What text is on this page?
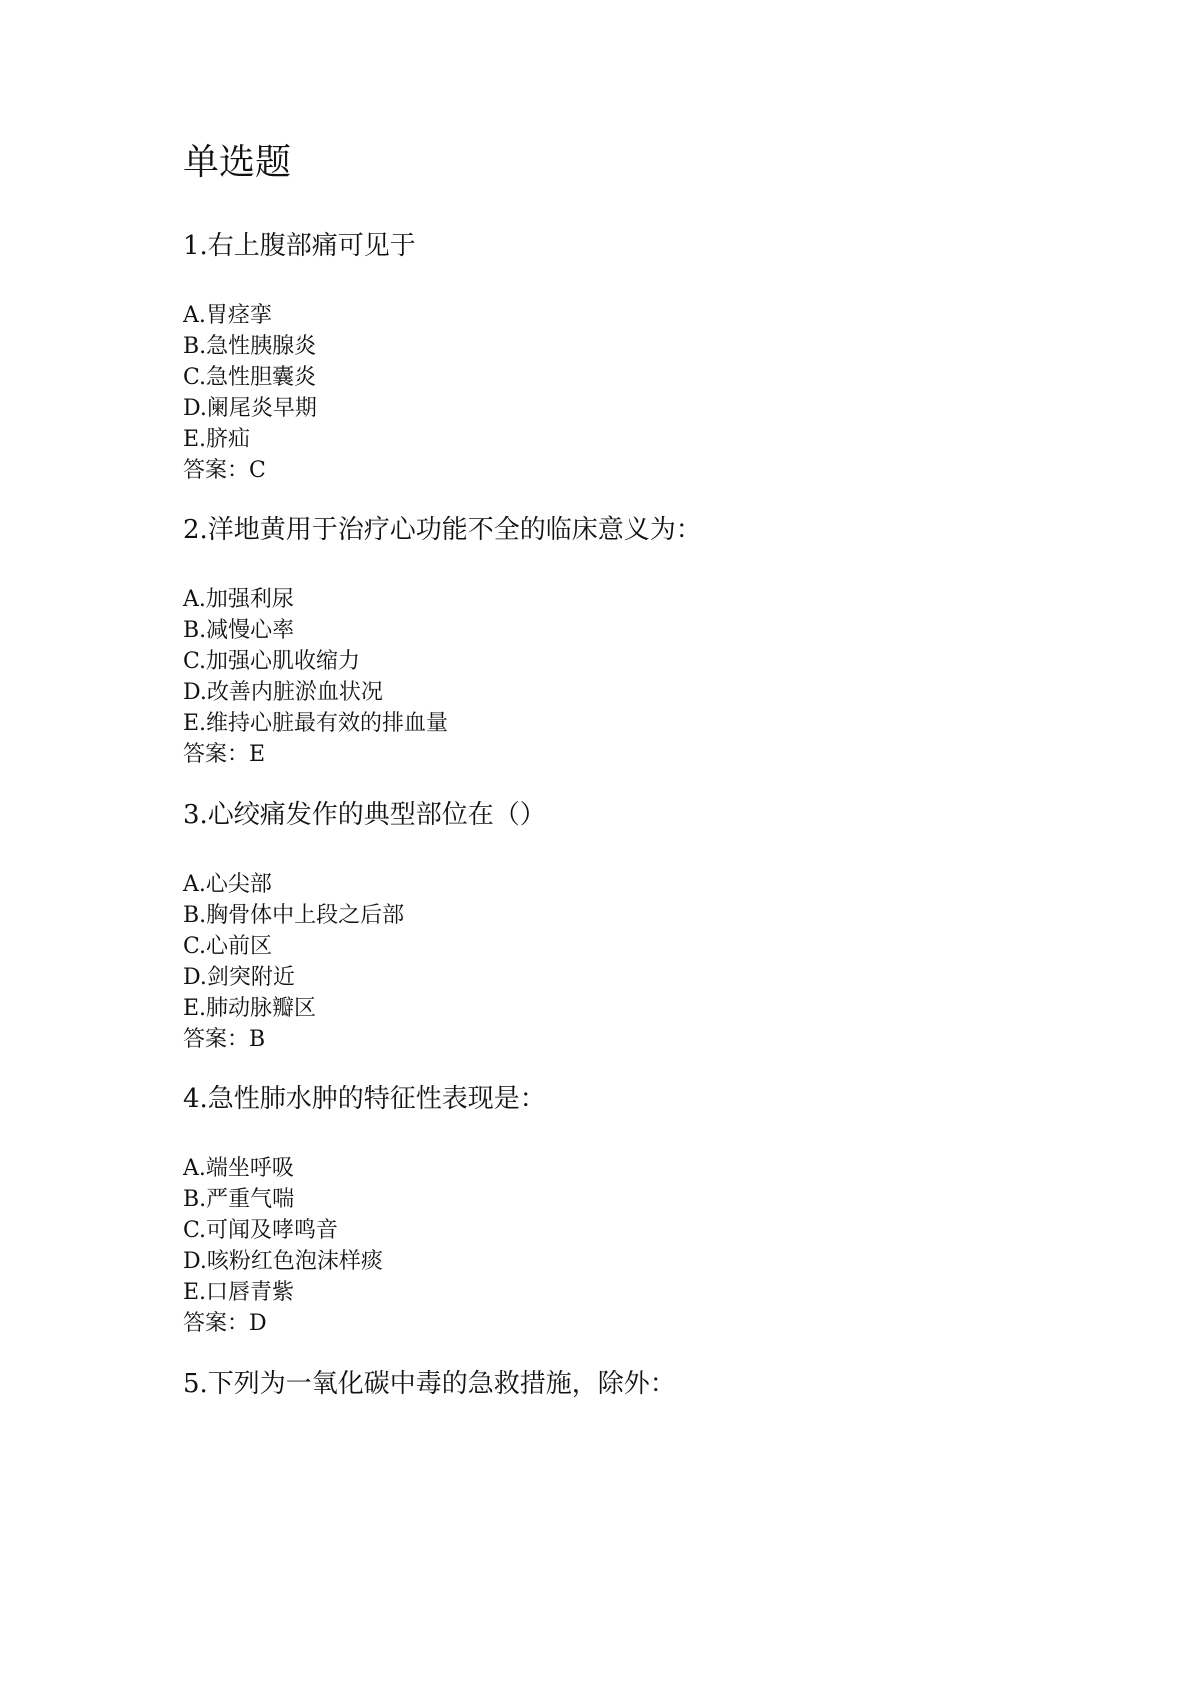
单选题

1.右上腹部痛可见于

A.胃痉挛
B.急性胰腺炎
C.急性胆囊炎
D.阑尾炎早期
E.脐疝
答案：C

2.洋地黄用于治疗心功能不全的临床意义为：

A.加强利尿
B.减慢心率
C.加强心肌收缩力
D.改善内脏淤血状况
E.维持心脏最有效的排血量
答案：E

3.心绞痛发作的典型部位在（）

A.心尖部
B.胸骨体中上段之后部
C.心前区
D.剑突附近
E.肺动脉瓣区
答案：B

4.急性肺水肿的特征性表现是：

A.端坐呼吸
B.严重气喘
C.可闻及哮鸣音
D.咳粉红色泡沫样痰
E.口唇青紫
答案：D

5.下列为一氧化碳中毒的急救措施，除外：
